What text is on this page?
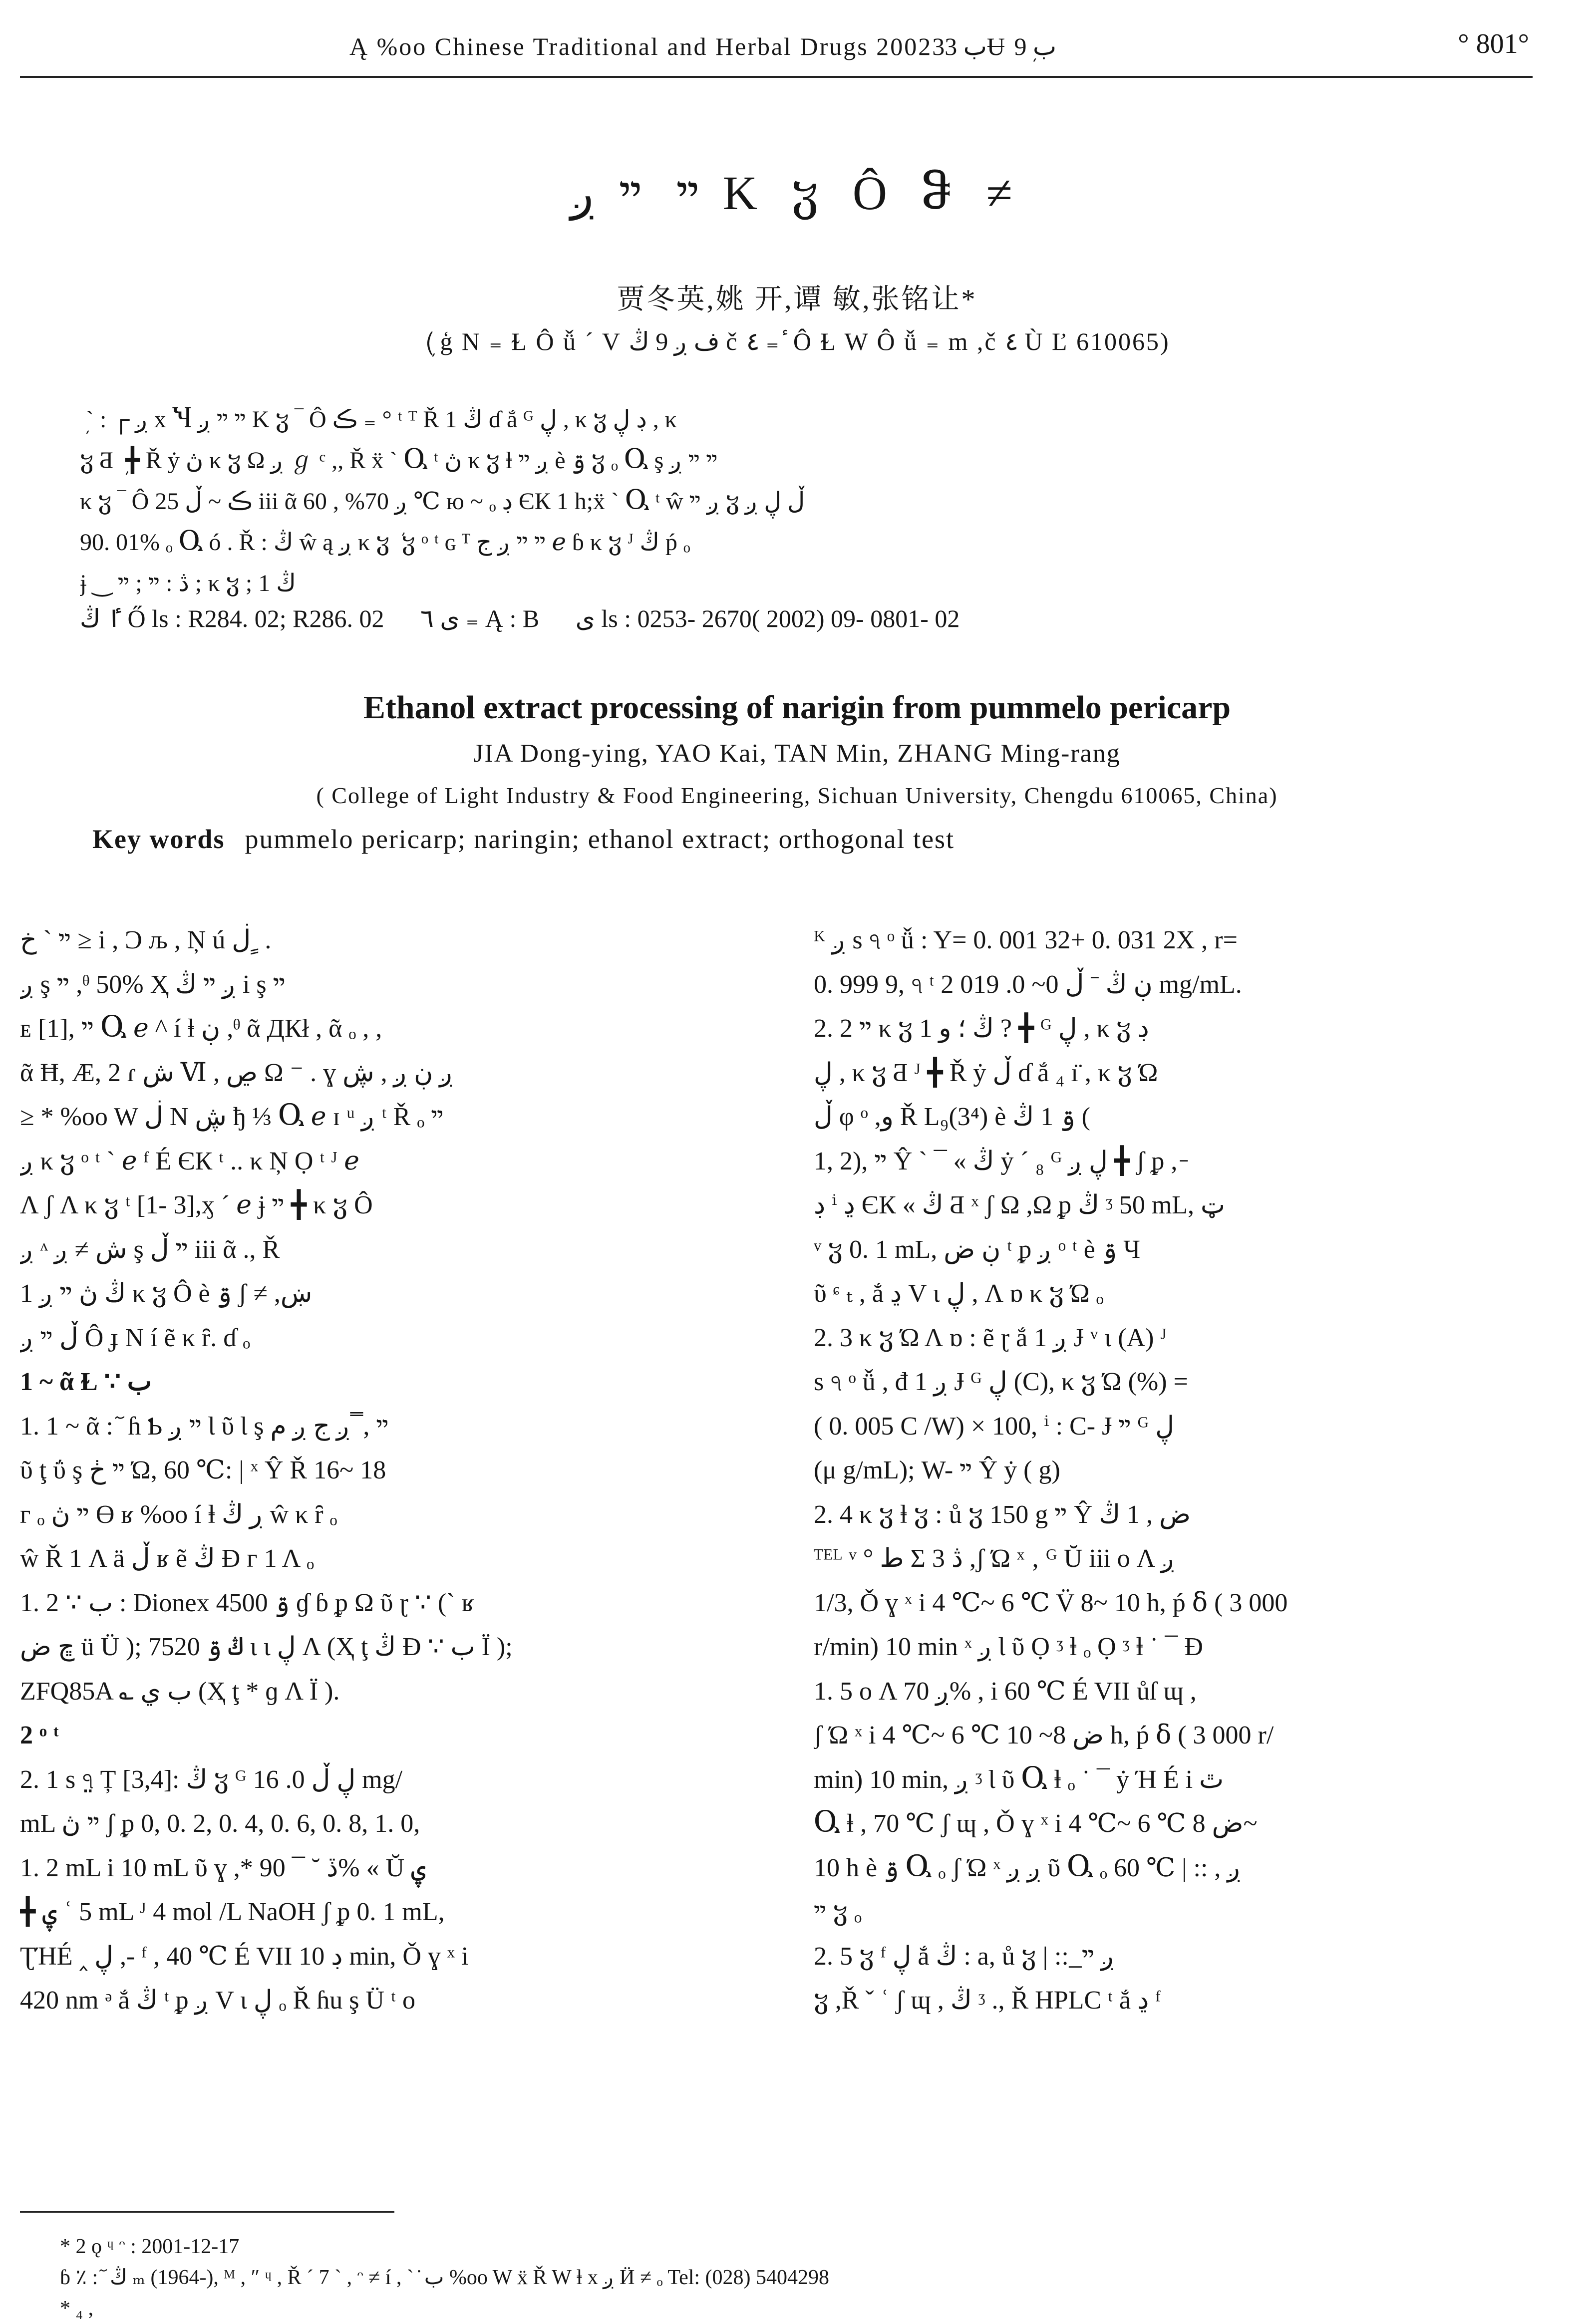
Ą %oo Chinese Traditional and Herbal Drugs 2002ب 33Ʉ ب 9ܼ	° 801°
ײ ײ ږ Κ ჳ Ô ჵ ≠
贾冬英,姚 开,谭 敏,张铭让*
(ܼ ģ Ν ₌ Ɫ Ô ǚ ´ V ف ږ 9 ڭ č ٤ ₌ ٔ Ô Ɫ W Ô ǚ ₌ m ,č ٤ Ù Ľ 610065)
ܼ ` : ┌ ږ x Ⴏ ײ ײ ږ Κ ჳ ‾ Ô ڪ ₌ ° ᵗ ᵀ Ř 1 ڭ ɗ ắ ᴳ ڸ , κ ჳ ڊ ڸ , κ
ჳ Ƌ ܼ ╋ Ř ẏ ڽ κ ჳ Ω ږ ℊ ᶜ ,, Ř ẍ ` Ⴓ ᵗ ڽ κ ჳ ⱡ ږ ײ è ۊ ჳ ₒ Ⴓ ş ײ ײ ږ
κ ჳ ‾ Ô ڪ ~ ڵ 25 iii ᾶ ږ 70% , 60 ℃ ю ~ ₒ ڊ ЄК 1 h;ẍ ` Ⴓ ᵗ ŵ ږ ײ ჳ ڵ ڸ ږ
90. 01% ₒ Ⴓ ó . Ř : ڭ ŵ ą ږ κ ჳ ܿ ჳ ᵒ ᵗ ɢ ᵀ ײ ײ ږ ج ℯ ɓ κ ჳ ᴶ ڭ ṕ ₒ
ɉ ‿ ڎ : ײ ; ײ ; κ ჳ ; 1 ڭ
ٵ ڭ Ő ls : R284. 02; R286. 02 ى ٦ ₌ Ą : B ى ls : 0253- 2670( 2002) 09- 0801- 02
Ethanol extract processing of narigin from pummelo pericarp
JIA Dong-ying, YAO Kai, TAN Min, ZHANG Ming-rang
( College of Light Industry & Food Engineering, Sichuan University, Chengdu 610065, China)
Key words pummelo pericarp; naringin; ethanol extract; orthogonal test
ײ ` خ ≥ i , Ͻ љ , Ņ ú ڶ ٍ .
ږ ş ײ ,ᶿ 50% Ҳ ږ ײ ڭ i ş ײ
ᴇ [1], ײ Ⴓ ℯ ^ í ⱡ ڹ ,ᶿ ᾶ ДКł , ᾶ ₒ , ,
ᾶ Ħ, Æ, 2 ɾ ش Ⅵ , ڝ Ω ⁻ . ɣ ږ ڹ ږ , ڜ
≥ * %oo W ڶ Ν ڜ ђ ⅓ Ⴓ ℯ ɪ ᵘ ږ ᵗ Ř ₒ ײ
ږ κ ჳ ᵒ ᵗ ` ℯ ᶠ É ЄК ᵗ .. κ Ņ Ọ ᵗ ᴶ ℯ
Λ ʃ Λ κ ჳ ᵗ [1- 3],ӽ ´ ℯ ɉ ײ ╋ κ ჳ Ô
ږ ᶺ ش ≠ ږ ş ײ ڵ iii ᾶ ., Ř
1 ڭ ڽ ײ ږ κ ჳ Ô è ۊ ʃ ≠ ,ښ
ڵ ײ ږ Ô ɟ Ν í ẽ κ ȓ. ɗ ₒ
1 ~ ᾶ Ɫ ∵ ب
1. 1 ~ ᾶ : ٓ ɦ Ƅ ײ ږ Ɩ ῦ Ɩ ş ײ , ̿ ږ ج ږ م
ῦ ţ ΰ ş ײ ڂ Ώ, 60 ℃: | ˣ Ŷ Ř 16~ 18
ᴦ ₒ ײ ڽ Ɵ ʁ %oo í ⱡ ڔ ڭ ŵ κ ȓ ₒ
ŵ Ř 1 Λ ä ڵ ʁ ẽ ڭ Ɖ ᴦ 1 Λ ₒ
1. 2 ∵ ب : Dionex 4500 ۊ ɠ ɓ ᵱ Ω ῦ ɽ ∵ (` ʁ
ڇ ض ü Ü ); 7520 ڭ ۊ ɩ ɩ ڸ Λ (Ҳ ţ ڭ Ɖ ∵ ب Ï );
ZFQ85A ؎ ب ي (Ҳ ţ * ɡ Λ Ï ).
2 ᵒ ᵗ
2. 1 s ঀ̤ Ț [3,4]: ڭ ჳ ᴳ ڸ ڵ 0. 16 mg/
mL ײ ڽ ʃ ᵱ 0, 0. 2, 0. 4, 0. 6, 0. 8, 1. 0,
1. 2 mL i 10 mL ῦ ɣ ,* ڏ ˘ ¯ 90% « Ŭ ۑ
╋ ۑ ʿ 5 mL ᴶ 4 mol /L NaOH ʃ ᵱ 0. 1 mL,
ƮΉÉ ‸ ڸ ,- ᶠ , 40 ℃ É VII ڊ 10 min, Ǒ ɣ ˣ i
420 nm ᵊ ắ ڭ ᵗ ᵱ ږ V ɩ ڸ ₒ Ř ɦu ş Ü ᵗ o
ᴷ ږ s ঀ ᵒ ǚ : Y= 0. 001 32+ 0. 031 2X , r=
0. 999 9, ঀ ᵗ ڹ ڭ ˉ ڵ 0~ 0. 019 2 mg/mL.
2. 2 ײ κ ჳ 1 ڭ ؛ و ? ╋ ᴳ ڸ , κ ჳ ڊ
ڸ , κ ჳ Ƌ ᴶ ╋ Ř ẏ ڵ ɗ ắ ₄ ı̈ , κ ჳ Ώ
ڵ φ ᵒ ,و Ř L₉(3⁴) è ۊ 1 ڭ (
1, 2), ײ Ŷ ` ¯ « ڭ ẏ ´ ₈ ᴳ ڸ ږ ╋ ʃ ᵱ , ̵
ڊ ⁱ ڍ ЄК « ڭ Ƌ ˣ ʃ Ω ,Ω ᵱ ڭ ᶾ 50 mL, ټ
ᵛ ჳ 0. 1 mL, ڹ ض ᵗ ᵱ ږ ᵒ ᵗ è ۊ Ч
ῦ ᶝ ₜ , ắ ڍ V ɩ ڸ , Λ ɒ κ ჳ Ώ ₒ
2. 3 κ ჳ Ώ Λ ɒ : ẽ ɽ ắ ږ 1 Ɉ ᵛ ɩ (A) ᴶ
s ঀ ᵒ ǚ , đ ږ 1 Ɉ ᴳ ڸ (C), κ ჳ Ώ (%) =
( 0. 005 C /W) × 100, ⁱ : C- Ɉ ײ ᴳ ڸ
(μ g/mL); W- ײ Ŷ ẏ ( g)
2. 4 κ ჳ ⱡ ჳ : ů ჳ 150 g ײ Ŷ ض , 1 ڭ
ᵀᴱᴸ ᵛ ° ط Σ 3 ڎ ,ʃ Ώ ˣ ‚ ᴳ Ŭ iii o Λ ږ
1/3, Ǒ ɣ ˣ i 4 ℃~ 6 ℃ V̈ 8~ 10 h, ṕ ẟ ( 3 000
r/min) 10 min ˣ ږ Ɩ ῦ Ọ ᶾ ⱡ ₒ Ọ ᶾ ⱡ ˙ ¯ Ɖ
1. 5 o Λ ږ 70% , i 60 ℃ É VII ůſ ɰ ,
ʃ Ώ ˣ i 4 ℃~ 6 ℃ ض 8~ 10 h, ṕ ẟ ( 3 000 r/
min) 10 min, ږ ᶾ Ɩ ῦ Ⴓ ⱡ ₒ ˙ ¯ ẏ Ή É i ٿ
Ⴓ ⱡ , 70 ℃ ʃ ɰ , Ǒ ɣ ˣ i 4 ℃~ 6 ℃ ض 8~
10 h è ۊ Ⴓ ₒ ʃ Ώ ˣ ږ ږ ῦ Ⴓ ₒ 60 ℃ | :: , ږ
ײ ჳ ₒ
2. 5 ჳ ᶠ ڸ ắ ڭ : a, ů ჳ | :: ̲ ږ ײ
ჳ ,Ř ˇ ʿ ʃ ɰ , ڭ ᶾ ., Ř HPLC ᵗ ắ ڍ ᶠ
* 2 ǫ ᶣ ᵔ : 2001-12-17
ɓ ٪ : ٓ ڭ ₘ (1964-), ᴹ , ″ ᶣ , Ř ´ 7 ` , ᵔ ≠ í , ` ̇ ب %oo W ẍ Ř W ⱡ x ږ Ӥ ≠ ₒ Tel: (028) 5404298
* ₄ ,
